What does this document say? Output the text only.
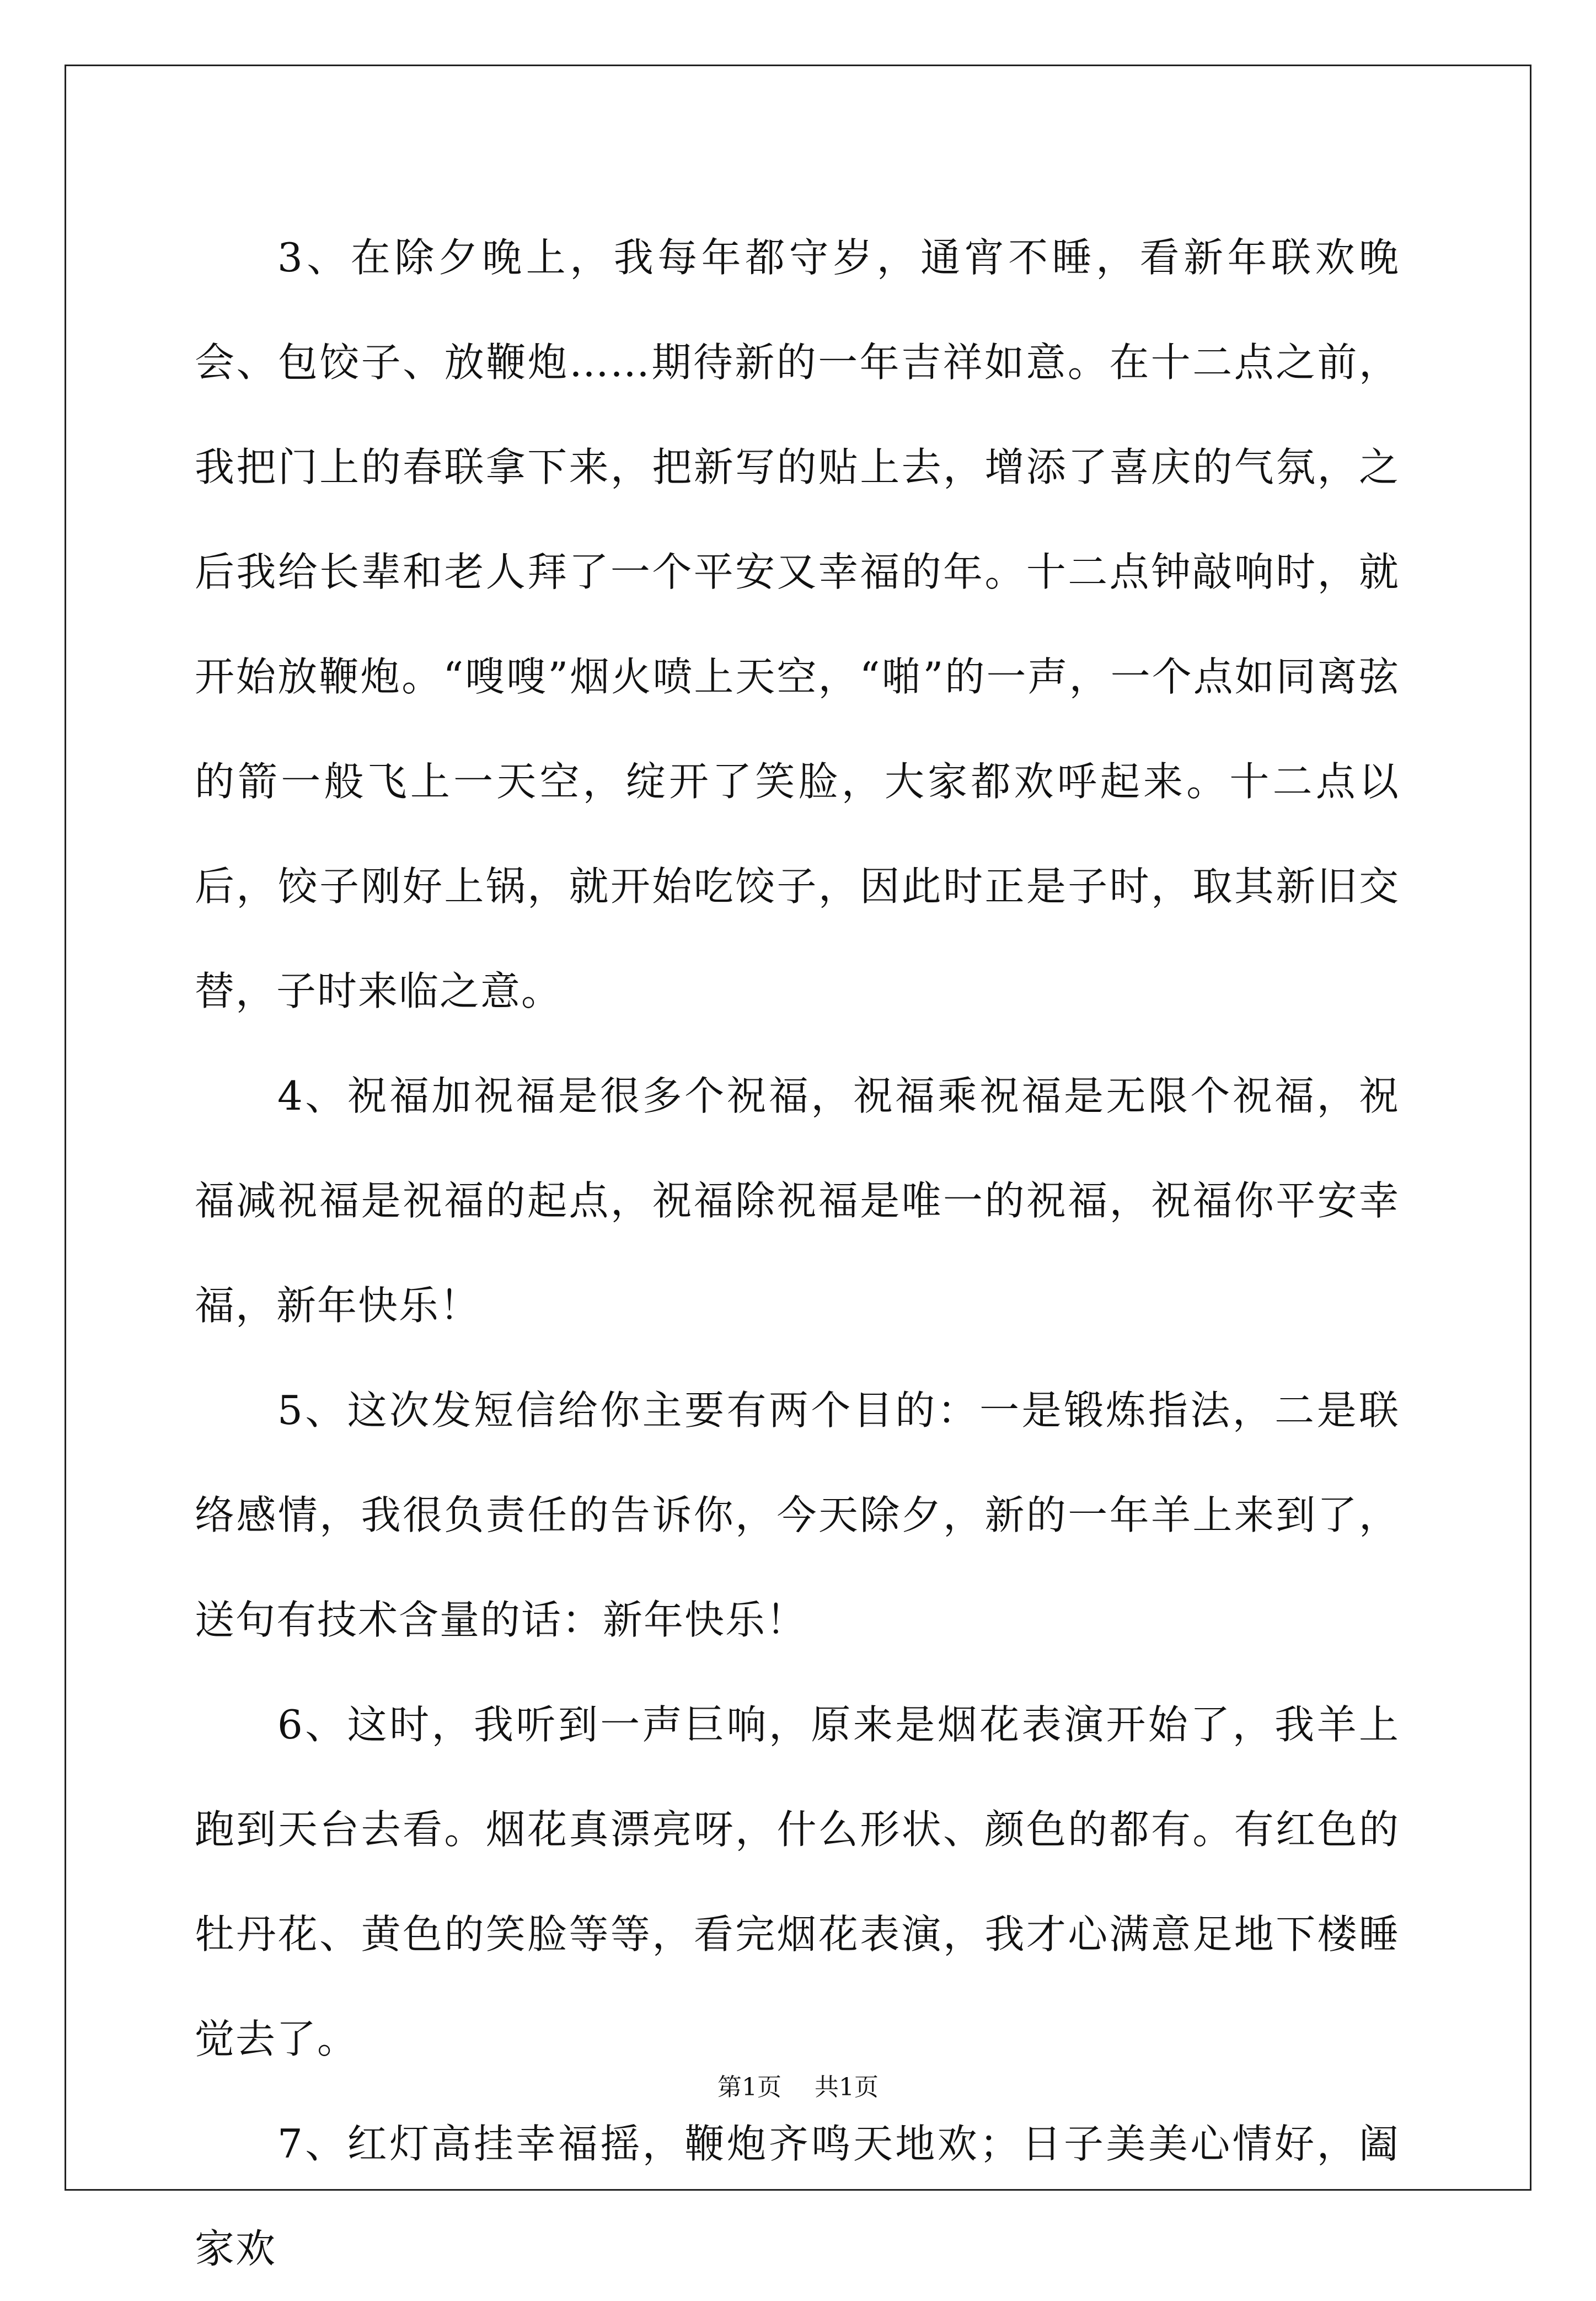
3、在除夕晚上，我每年都守岁，通宵不睡，看新年联欢晚会、包饺子、放鞭炮……期待新的一年吉祥如意。在十二点之前，我把门上的春联拿下来，把新写的贴上去，增添了喜庆的气氛，之后我给长辈和老人拜了一个平安又幸福的年。十二点钟敲响时，就开始放鞭炮。“嗖嗖”烟火喷上天空，“啪”的一声，一个点如同离弦的箭一般飞上一天空，绽开了笑脸，大家都欢呼起来。十二点以后，饺子刚好上锅，就开始吃饺子，因此时正是子时，取其新旧交替，子时来临之意。

4、祝福加祝福是很多个祝福，祝福乘祝福是无限个祝福，祝福减祝福是祝福的起点，祝福除祝福是唯一的祝福，祝福你平安幸福，新年快乐！

5、这次发短信给你主要有两个目的：一是锻炼指法，二是联络感情，我很负责任的告诉你，今天除夕，新的一年羊上来到了，送句有技术含量的话：新年快乐！

6、这时，我听到一声巨响，原来是烟花表演开始了，我羊上跑到天台去看。烟花真漂亮呀，什么形状、颜色的都有。有红色的牡丹花、黄色的笑脸等等，看完烟花表演，我才心满意足地下楼睡觉去了。

7、红灯高挂幸福摇，鞭炮齐鸣天地欢；日子美美心情好，阖家欢

第1页 共1页
